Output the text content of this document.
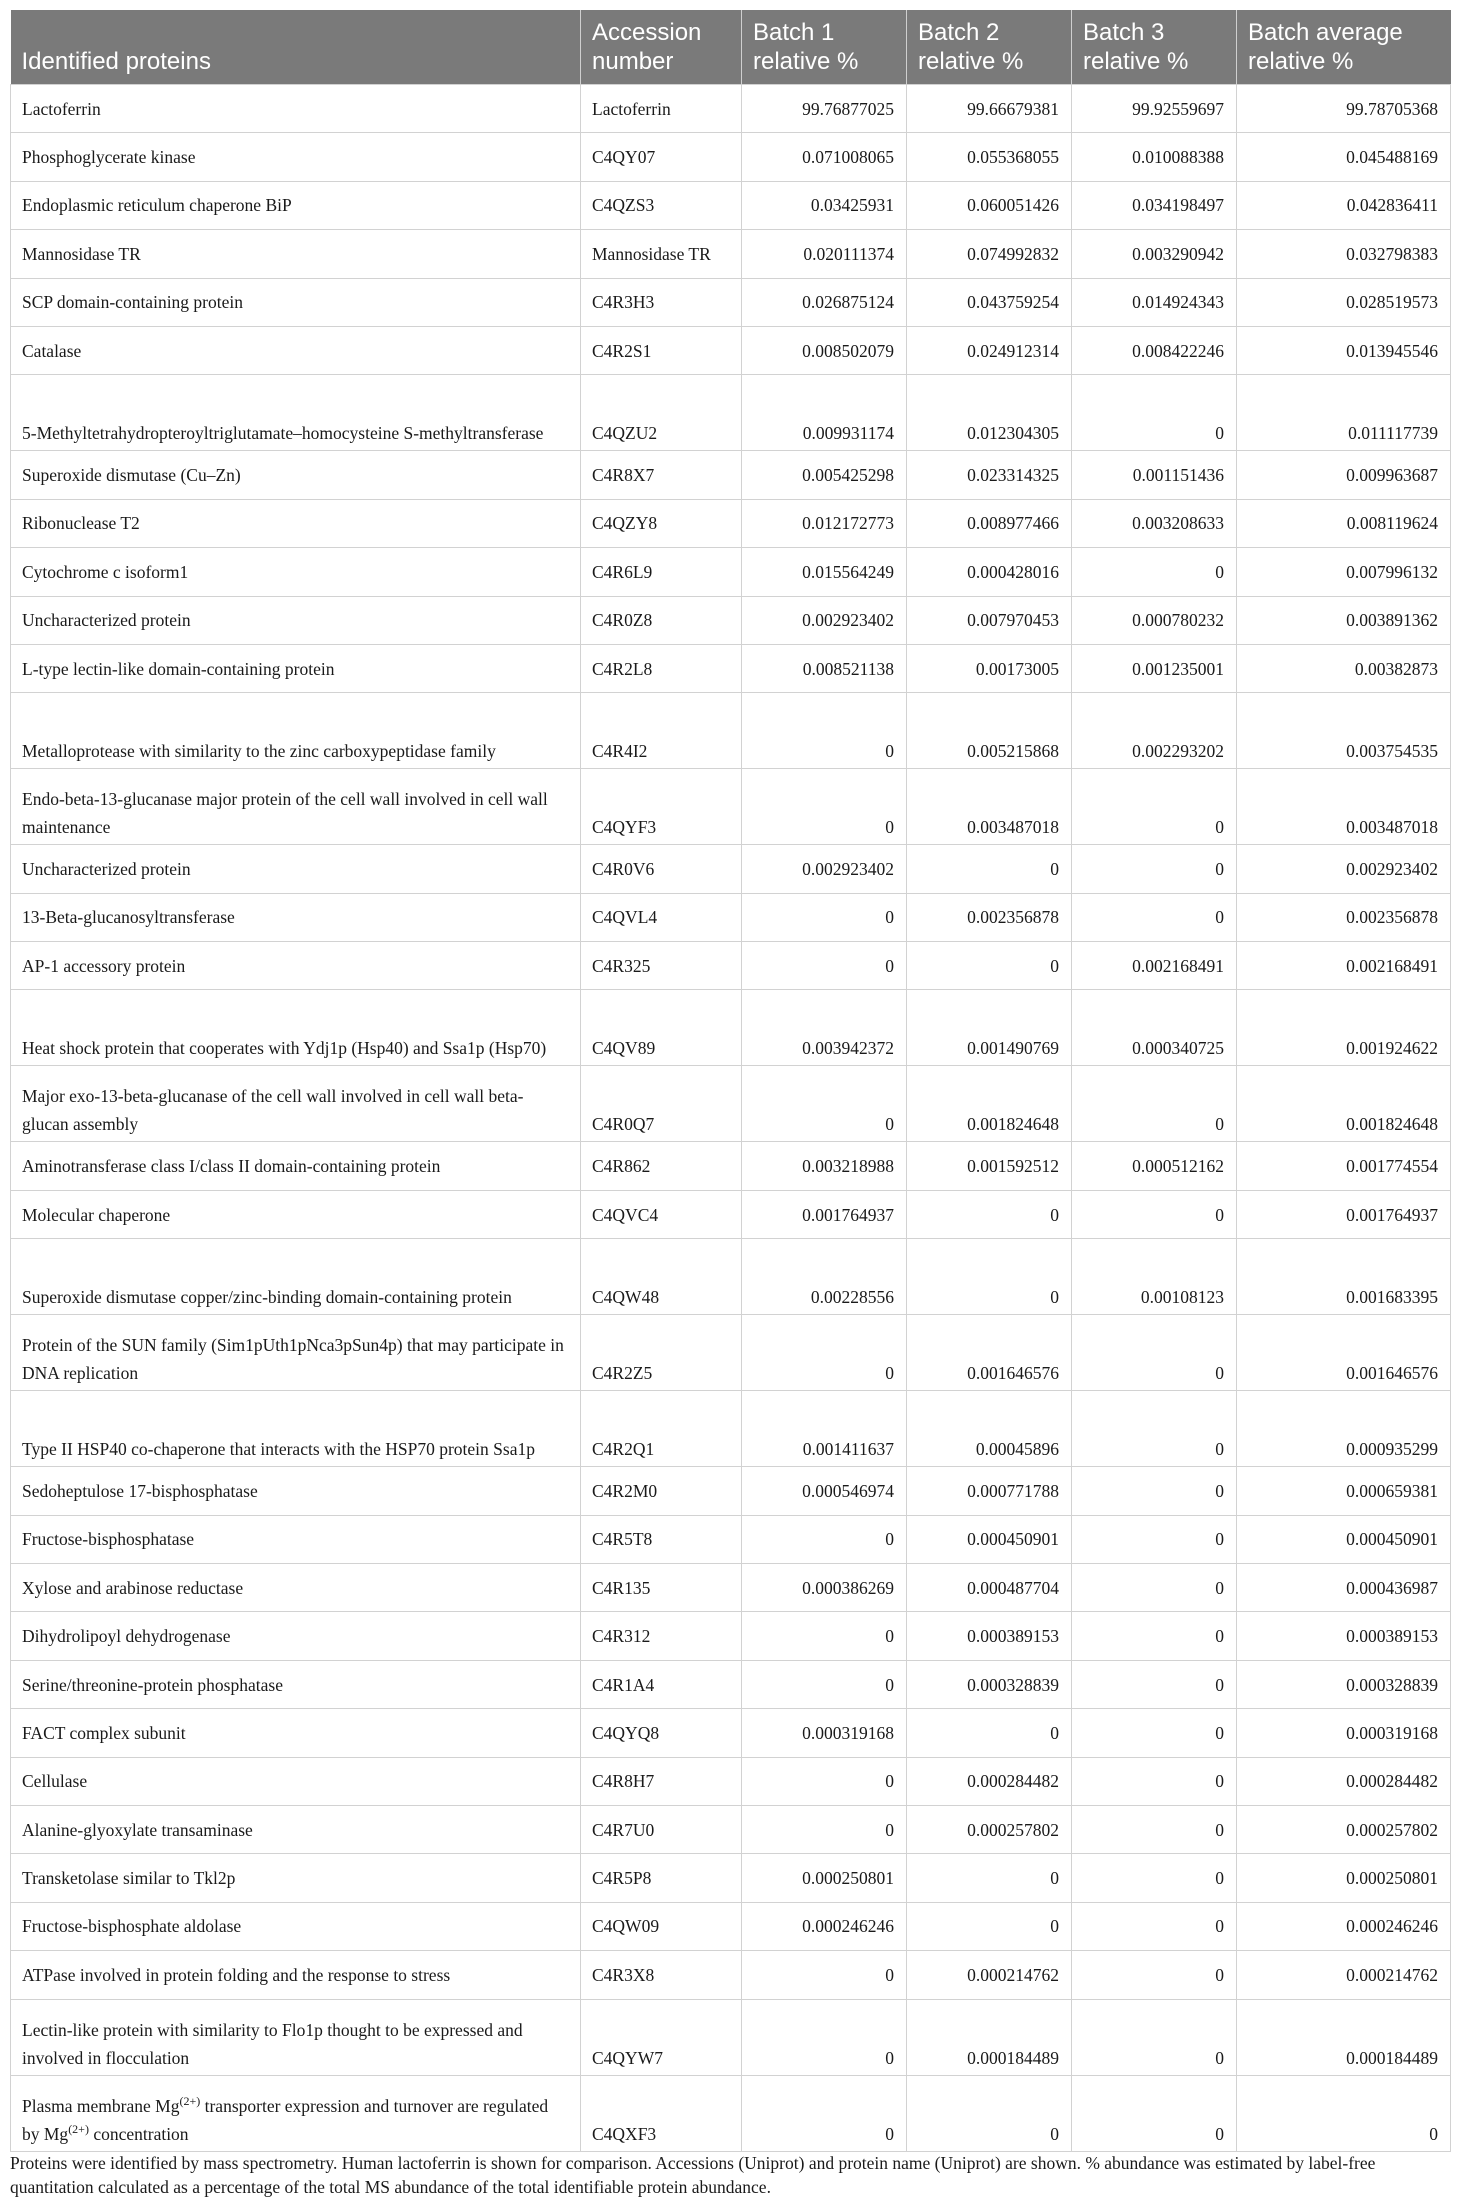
Identified proteins	Accession number	Batch 1 relative %	Batch 2 relative %	Batch 3 relative %	Batch average relative %
Lactoferrin	Lactoferrin	99.76877025	99.66679381	99.92559697	99.78705368
Phosphoglycerate kinase	C4QY07	0.071008065	0.055368055	0.010088388	0.045488169
Endoplasmic reticulum chaperone BiP	C4QZS3	0.03425931	0.060051426	0.034198497	0.042836411
Mannosidase TR	Mannosidase TR	0.020111374	0.074992832	0.003290942	0.032798383
SCP domain-containing protein	C4R3H3	0.026875124	0.043759254	0.014924343	0.028519573
Catalase	C4R2S1	0.008502079	0.024912314	0.008422246	0.013945546
5-Methyltetrahydropteroyltriglutamate–homocysteine S-methyltransferase	C4QZU2	0.009931174	0.012304305	0	0.011117739
Superoxide dismutase (Cu–Zn)	C4R8X7	0.005425298	0.023314325	0.001151436	0.009963687
Ribonuclease T2	C4QZY8	0.012172773	0.008977466	0.003208633	0.008119624
Cytochrome c isoform1	C4R6L9	0.015564249	0.000428016	0	0.007996132
Uncharacterized protein	C4R0Z8	0.002923402	0.007970453	0.000780232	0.003891362
L-type lectin-like domain-containing protein	C4R2L8	0.008521138	0.00173005	0.001235001	0.00382873
Metalloprotease with similarity to the zinc carboxypeptidase family	C4R4I2	0	0.005215868	0.002293202	0.003754535
Endo-beta-13-glucanase major protein of the cell wall involved in cell wall maintenance	C4QYF3	0	0.003487018	0	0.003487018
Uncharacterized protein	C4R0V6	0.002923402	0	0	0.002923402
13-Beta-glucanosyltransferase	C4QVL4	0	0.002356878	0	0.002356878
AP-1 accessory protein	C4R325	0	0	0.002168491	0.002168491
Heat shock protein that cooperates with Ydj1p (Hsp40) and Ssa1p (Hsp70)	C4QV89	0.003942372	0.001490769	0.000340725	0.001924622
Major exo-13-beta-glucanase of the cell wall involved in cell wall beta-glucan assembly	C4R0Q7	0	0.001824648	0	0.001824648
Aminotransferase class I/class II domain-containing protein	C4R862	0.003218988	0.001592512	0.000512162	0.001774554
Molecular chaperone	C4QVC4	0.001764937	0	0	0.001764937
Superoxide dismutase copper/zinc-binding domain-containing protein	C4QW48	0.00228556	0	0.00108123	0.001683395
Protein of the SUN family (Sim1pUth1pNca3pSun4p) that may participate in DNA replication	C4R2Z5	0	0.001646576	0	0.001646576
Type II HSP40 co-chaperone that interacts with the HSP70 protein Ssa1p	C4R2Q1	0.001411637	0.00045896	0	0.000935299
Sedoheptulose 17-bisphosphatase	C4R2M0	0.000546974	0.000771788	0	0.000659381
Fructose-bisphosphatase	C4R5T8	0	0.000450901	0	0.000450901
Xylose and arabinose reductase	C4R135	0.000386269	0.000487704	0	0.000436987
Dihydrolipoyl dehydrogenase	C4R312	0	0.000389153	0	0.000389153
Serine/threonine-protein phosphatase	C4R1A4	0	0.000328839	0	0.000328839
FACT complex subunit	C4QYQ8	0.000319168	0	0	0.000319168
Cellulase	C4R8H7	0	0.000284482	0	0.000284482
Alanine-glyoxylate transaminase	C4R7U0	0	0.000257802	0	0.000257802
Transketolase similar to Tkl2p	C4R5P8	0.000250801	0	0	0.000250801
Fructose-bisphosphate aldolase	C4QW09	0.000246246	0	0	0.000246246
ATPase involved in protein folding and the response to stress	C4R3X8	0	0.000214762	0	0.000214762
Lectin-like protein with similarity to Flo1p thought to be expressed and involved in flocculation	C4QYW7	0	0.000184489	0	0.000184489
Plasma membrane $Mg^{(2+)}$ transporter expression and turnover are regulated by $Mg^{(2+)}$ concentration	C4QXF3	0	0	0	0
Proteins were identified by mass spectrometry. Human lactoferrin is shown for comparison. Accessions (Uniprot) and protein name (Uniprot) are shown. % abundance was estimated by label-free quantitation calculated as a percentage of the total MS abundance of the total identifiable protein abundance.
